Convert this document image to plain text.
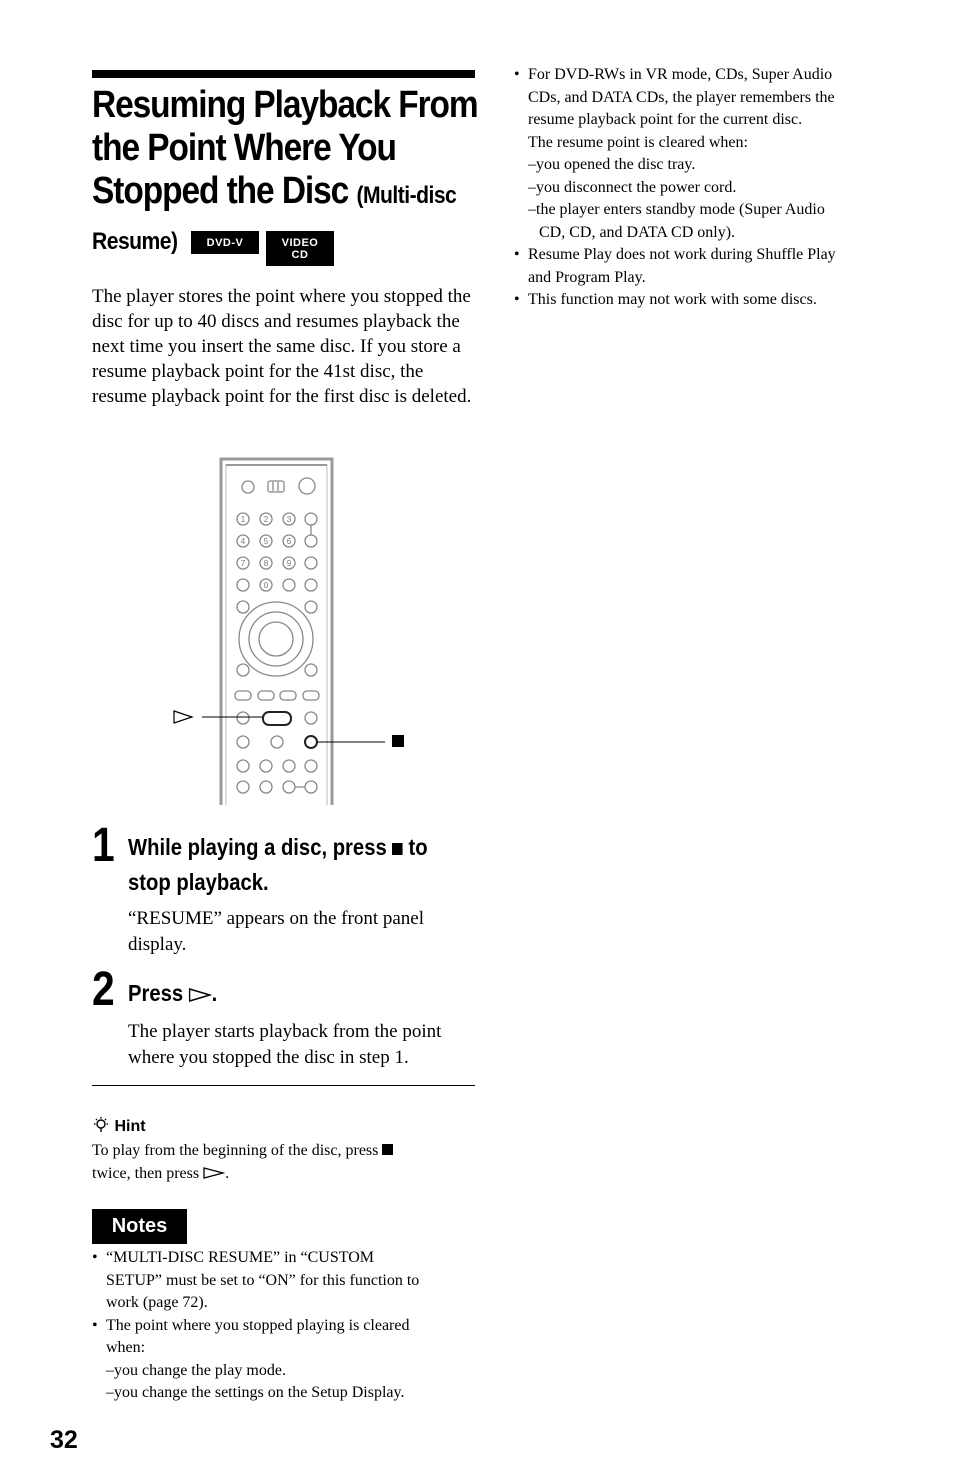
Resuming Playback From
the Point Where You
Stopped the Disc (Multi-disc
Resume)	DVD-V	VIDEO CD

The player stores the point where you stopped the disc for up to 40 discs and resumes playback the next time you insert the same disc. If you store a resume playback point for the 41st disc, the resume playback point for the first disc is deleted.

1 2 3
4 5 6
7 8 9
0
1 While playing a disc, press to
stop playback.

“RESUME” appears on the front panel display.

2 Press .

The player starts playback from the point where you stopped the disc in step 1.

Hint

To play from the beginning of the disc, press
twice, then press .

Notes
• “MULTI-DISC RESUME” in “CUSTOM
SETUP” must be set to “ON” for this function to
work (page 72).
• The point where you stopped playing is cleared
when:
–you change the play mode.
–you change the settings on the Setup Display.
• For DVD-RWs in VR mode, CDs, Super Audio
CDs, and DATA CDs, the player remembers the
resume playback point for the current disc.
The resume point is cleared when:
–you opened the disc tray.
–you disconnect the power cord.
–the player enters standby mode (Super Audio
CD, CD, and DATA CD only).
• Resume Play does not work during Shuffle Play
and Program Play.
• This function may not work with some discs.
32
